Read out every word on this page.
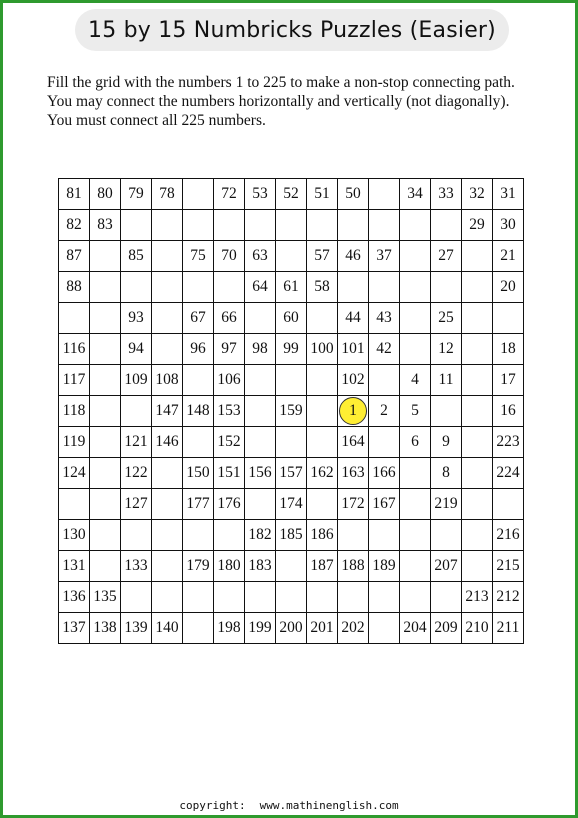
15 by 15 Numbricks Puzzles (Easier)

Fill the grid with the numbers 1 to 225 to make a non-stop connecting path.

You may connect the numbers horizontally and vertically (not diagonally).

You must connect all 225 numbers.

81	80	79	78		72	53	52	51	50		34	33	32	31
82	83												29	30
87		85		75	70	63		57	46	37		27		21
88						64	61	58						20
		93		67	66		60		44	43		25		
116		94		96	97	98	99	100	101	42		12		18
117		109	108		106				102		4	11		17
118			147	148	153		159		1	2	5			16
119		121	146		152				164		6	9		223
124		122		150	151	156	157	162	163	166		8		224
		127		177	176		174		172	167		219		
130						182	185	186						216
131		133		179	180	183		187	188	189		207		215
136	135												213	212
137	138	139	140		198	199	200	201	202		204	209	210	211
copyright: www.mathinenglish.com
